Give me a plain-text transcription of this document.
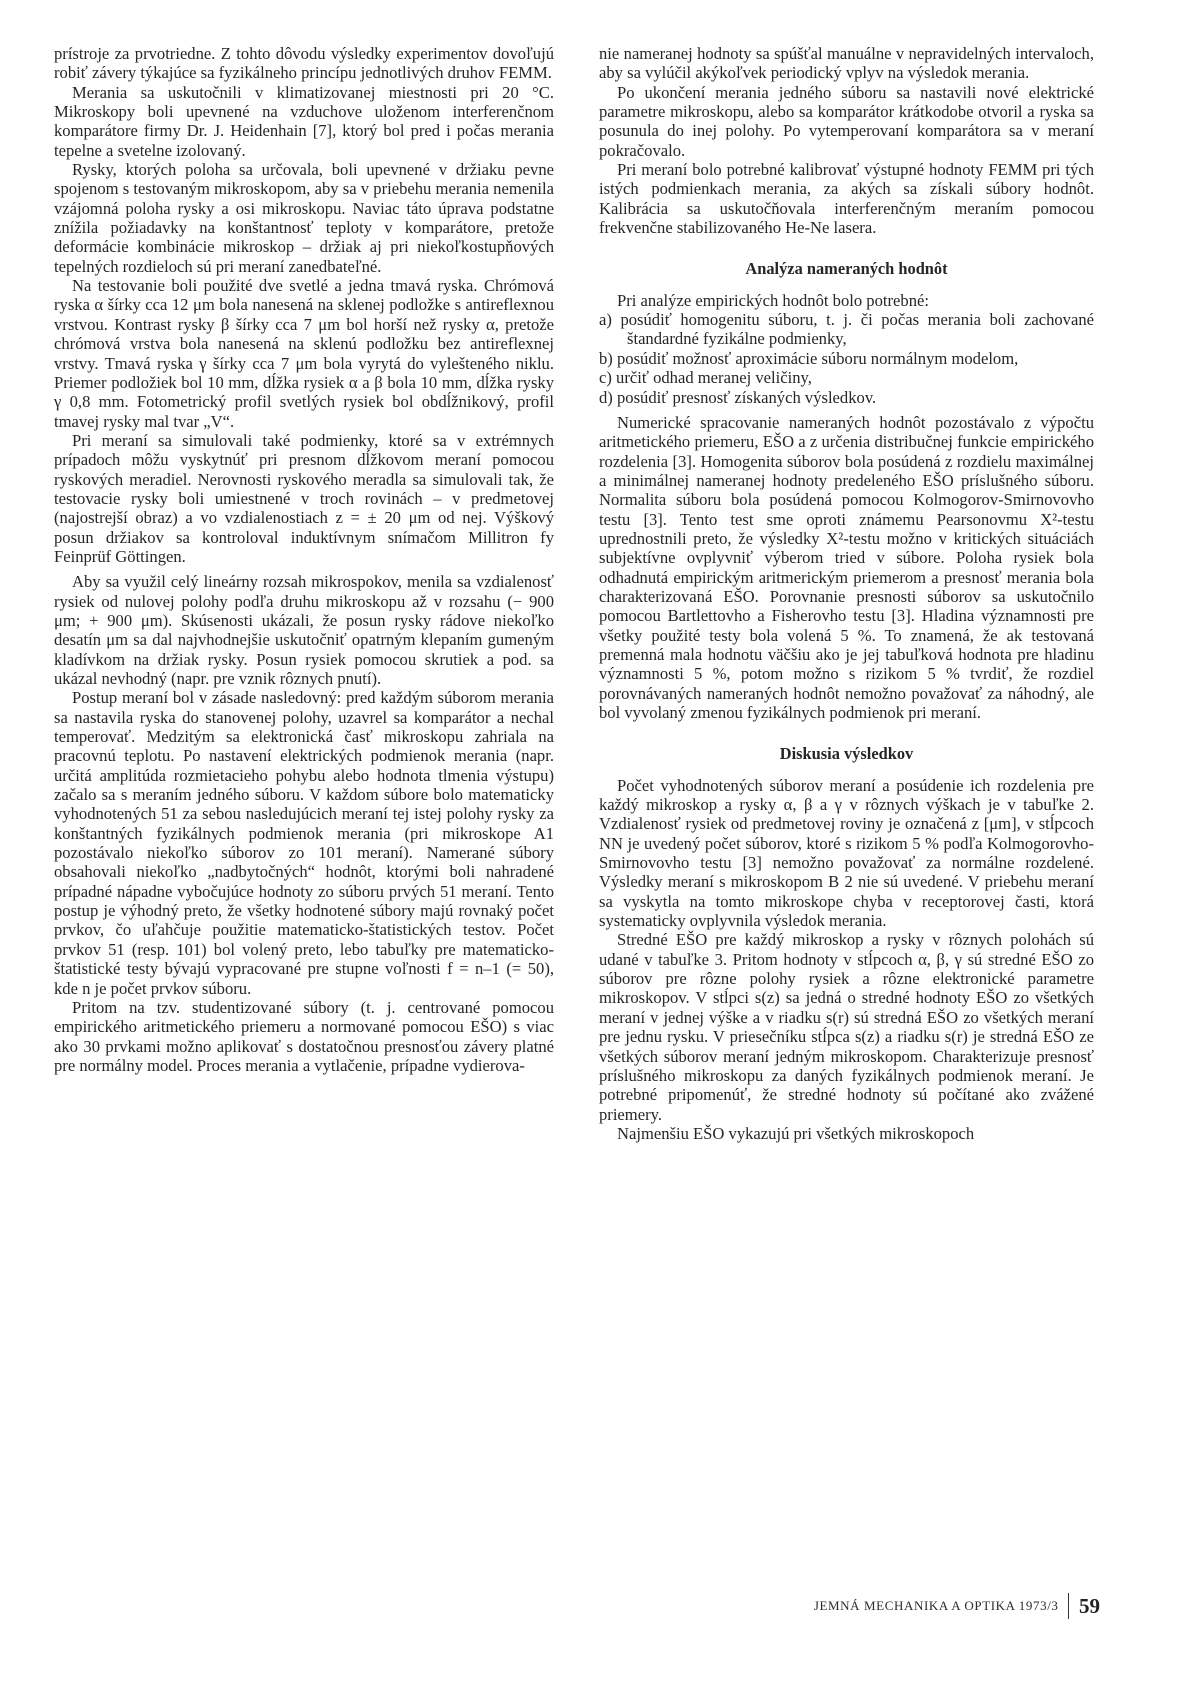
prístroje za prvotriedne. Z tohto dôvodu výsledky experimentov dovoľujú robiť závery týkajúce sa fyzikálneho princípu jednotlivých druhov FEMM.

Merania sa uskutočnili v klimatizovanej miestnosti pri 20 °C. Mikroskopy boli upevnené na vzduchove uloženom interferenčnom komparátore firmy Dr. J. Heidenhain [7], ktorý bol pred i počas merania tepelne a svetelne izolovaný.

Rysky, ktorých poloha sa určovala, boli upevnené v držiaku pevne spojenom s testovaným mikroskopom, aby sa v priebehu merania nemenila vzájomná poloha rysky a osi mikroskopu. Naviac táto úprava podstatne znížila požiadavky na konštantnosť teploty v komparátore, pretože deformácie kombinácie mikroskop – držiak aj pri niekoľkostupňových tepelných rozdieloch sú pri meraní zanedbateľné.

Na testovanie boli použité dve svetlé a jedna tmavá ryska. Chrómová ryska α šírky cca 12 μm bola nanesená na sklenej podložke s antireflexnou vrstvou. Kontrast rysky β šírky cca 7 μm bol horší než rysky α, pretože chrómová vrstva bola nanesená na sklenú podložku bez antireflexnej vrstvy. Tmavá ryska γ šírky cca 7 μm bola vyrytá do vylešteného niklu. Priemer podložiek bol 10 mm, dĺžka rysiek α a β bola 10 mm, dĺžka rysky γ 0,8 mm. Fotometrický profil svetlých rysiek bol obdĺžnikový, profil tmavej rysky mal tvar „V“.

Pri meraní sa simulovali také podmienky, ktoré sa v extrémnych prípadoch môžu vyskytnúť pri presnom dĺžkovom meraní pomocou ryskových meradiel. Nerovnosti ryskového meradla sa simulovali tak, že testovacie rysky boli umiestnené v troch rovinách – v predmetovej (najostrejší obraz) a vo vzdialenostiach z = ± 20 μm od nej. Výškový posun držiakov sa kontroloval induktívnym snímačom Millitron fy Feinprüf Göttingen.

Aby sa využil celý lineárny rozsah mikrospokov, menila sa vzdialenosť rysiek od nulovej polohy podľa druhu mikroskopu až v rozsahu (− 900 μm; + 900 μm). Skúsenosti ukázali, že posun rysky rádove niekoľko desatín μm sa dal najvhodnejšie uskutočniť opatrným klepaním gumeným kladívkom na držiak rysky. Posun rysiek pomocou skrutiek a pod. sa ukázal nevhodný (napr. pre vznik rôznych pnutí).

Postup meraní bol v zásade nasledovný: pred každým súborom merania sa nastavila ryska do stanovenej polohy, uzavrel sa komparátor a nechal temperovať. Medzitým sa elektronická časť mikroskopu zahriala na pracovnú teplotu. Po nastavení elektrických podmienok merania (napr. určitá amplitúda rozmietacieho pohybu alebo hodnota tlmenia výstupu) začalo sa s meraním jedného súboru. V každom súbore bolo matematicky vyhodnotených 51 za sebou nasledujúcich meraní tej istej polohy rysky za konštantných fyzikálnych podmienok merania (pri mikroskope A1 pozostávalo niekoľko súborov zo 101 meraní). Namerané súbory obsahovali niekoľko „nadbytočných“ hodnôt, ktorými boli nahradené prípadné nápadne vybočujúce hodnoty zo súboru prvých 51 meraní. Tento postup je výhodný preto, že všetky hodnotené súbory majú rovnaký počet prvkov, čo uľahčuje použitie matematicko-štatistických testov. Počet prvkov 51 (resp. 101) bol volený preto, lebo tabuľky pre matematicko-štatistické testy bývajú vypracované pre stupne voľnosti f = n–1 (= 50), kde n je počet prvkov súboru.

Pritom na tzv. studentizované súbory (t. j. centrované pomocou empirického aritmetického priemeru a normované pomocou EŠO) s viac ako 30 prvkami možno aplikovať s dostatočnou presnosťou závery platné pre normálny model. Proces merania a vytlačenie, prípadne vydierova-

nie nameranej hodnoty sa spúšťal manuálne v nepravidelných intervaloch, aby sa vylúčil akýkoľvek periodický vplyv na výsledok merania.

Po ukončení merania jedného súboru sa nastavili nové elektrické parametre mikroskopu, alebo sa komparátor krátkodobe otvoril a ryska sa posunula do inej polohy. Po vytemperovaní komparátora sa v meraní pokračovalo.

Pri meraní bolo potrebné kalibrovať výstupné hodnoty FEMM pri tých istých podmienkach merania, za akých sa získali súbory hodnôt. Kalibrácia sa uskutočňovala interferenčným meraním pomocou frekvenčne stabilizovaného He-Ne lasera.

Analýza nameraných hodnôt

Pri analýze empirických hodnôt bolo potrebné:

a) posúdiť homogenitu súboru, t. j. či počas merania boli zachované štandardné fyzikálne podmienky,

b) posúdiť možnosť aproximácie súboru normálnym modelom,

c) určiť odhad meranej veličiny,

d) posúdiť presnosť získaných výsledkov.

Numerické spracovanie nameraných hodnôt pozostávalo z výpočtu aritmetického priemeru, EŠO a z určenia distribučnej funkcie empirického rozdelenia [3]. Homogenita súborov bola posúdená z rozdielu maximálnej a minimálnej nameranej hodnoty predeleného EŠO príslušného súboru. Normalita súboru bola posúdená pomocou Kolmogorov-Smirnovovho testu [3]. Tento test sme oproti známemu Pearsonovmu X²-testu uprednostnili preto, že výsledky X²-testu možno v kritických situáciách subjektívne ovplyvniť výberom tried v súbore. Poloha rysiek bola odhadnutá empirickým aritmerickým priemerom a presnosť merania bola charakterizovaná EŠO. Porovnanie presnosti súborov sa uskutočnilo pomocou Bartlettovho a Fisherovho testu [3]. Hladina významnosti pre všetky použité testy bola volená 5 %. To znamená, že ak testovaná premenná mala hodnotu väčšiu ako je jej tabuľková hodnota pre hladinu významnosti 5 %, potom možno s rizikom 5 % tvrdiť, že rozdiel porovnávaných nameraných hodnôt nemožno považovať za náhodný, ale bol vyvolaný zmenou fyzikálnych podmienok pri meraní.

Diskusia výsledkov

Počet vyhodnotených súborov meraní a posúdenie ich rozdelenia pre každý mikroskop a rysky α, β a γ v rôznych výškach je v tabuľke 2. Vzdialenosť rysiek od predmetovej roviny je označená z [μm], v stĺpcoch NN je uvedený počet súborov, ktoré s rizikom 5 % podľa Kolmogorovho-Smirnovovho testu [3] nemožno považovať za normálne rozdelené. Výsledky meraní s mikroskopom B 2 nie sú uvedené. V priebehu meraní sa vyskytla na tomto mikroskope chyba v receptorovej časti, ktorá systematicky ovplyvnila výsledok merania.

Stredné EŠO pre každý mikroskop a rysky v rôznych polohách sú udané v tabuľke 3. Pritom hodnoty v stĺpcoch α, β, γ sú stredné EŠO zo súborov pre rôzne polohy rysiek a rôzne elektronické parametre mikroskopov. V stĺpci s(z) sa jedná o stredné hodnoty EŠO zo všetkých meraní v jednej výške a v riadku s(r) sú stredná EŠO zo všetkých meraní pre jednu rysku. V priesečníku stĺpca s(z) a riadku s(r) je stredná EŠO ze všetkých súborov meraní jedným mikroskopom. Charakterizuje presnosť príslušného mikroskopu za daných fyzikálnych podmienok meraní. Je potrebné pripomenúť, že stredné hodnoty sú počítané ako zvážené priemery.

Najmenšiu EŠO vykazujú pri všetkých mikroskopoch

JEMNÁ MECHANIKA A OPTIKA 1973/3 59
